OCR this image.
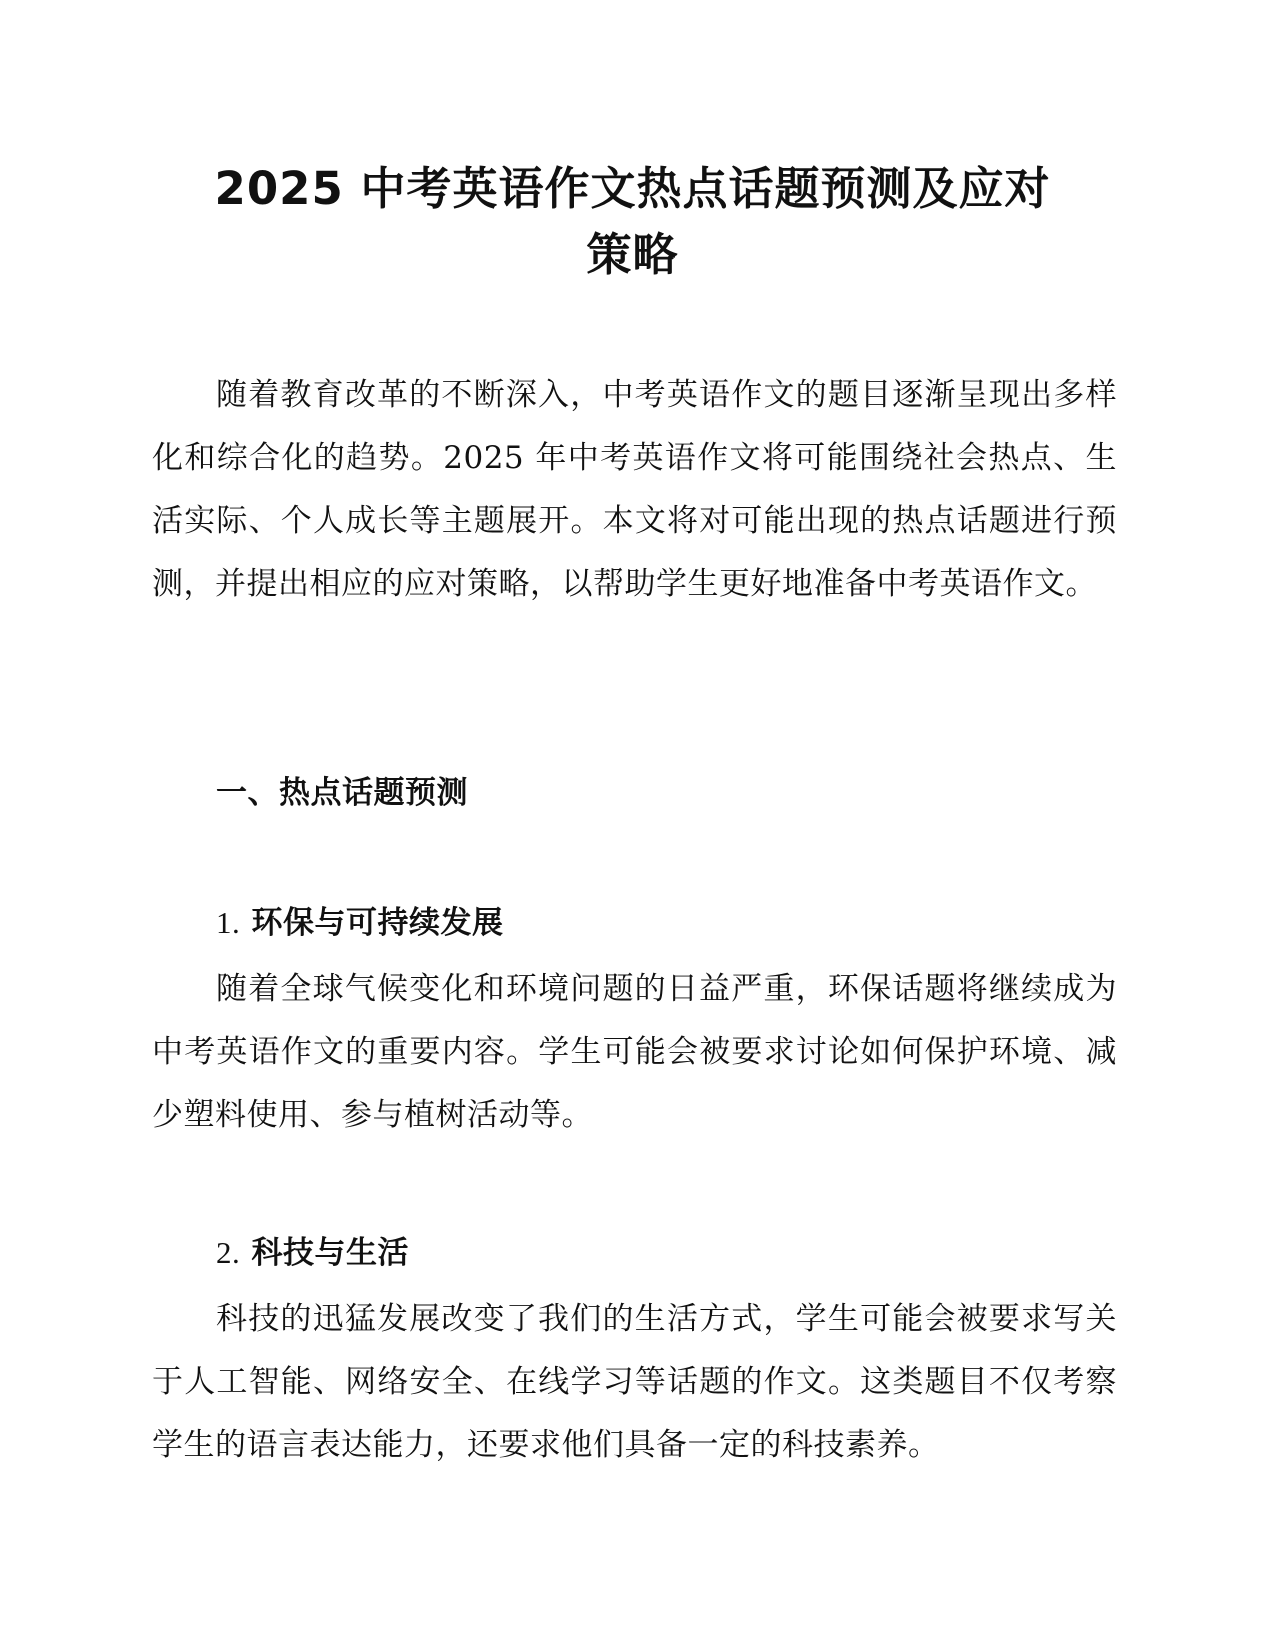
2025 中考英语作文热点话题预测及应对
策略

随着教育改革的不断深入，中考英语作文的题目逐渐呈现出多样化和综合化的趋势。2025 年中考英语作文将可能围绕社会热点、生活实际、个人成长等主题展开。本文将对可能出现的热点话题进行预测，并提出相应的应对策略，以帮助学生更好地准备中考英语作文。

一、热点话题预测
1. 环保与可持续发展

随着全球气候变化和环境问题的日益严重，环保话题将继续成为中考英语作文的重要内容。学生可能会被要求讨论如何保护环境、减少塑料使用、参与植树活动等。

2. 科技与生活

科技的迅猛发展改变了我们的生活方式，学生可能会被要求写关于人工智能、网络安全、在线学习等话题的作文。这类题目不仅考察学生的语言表达能力，还要求他们具备一定的科技素养。
